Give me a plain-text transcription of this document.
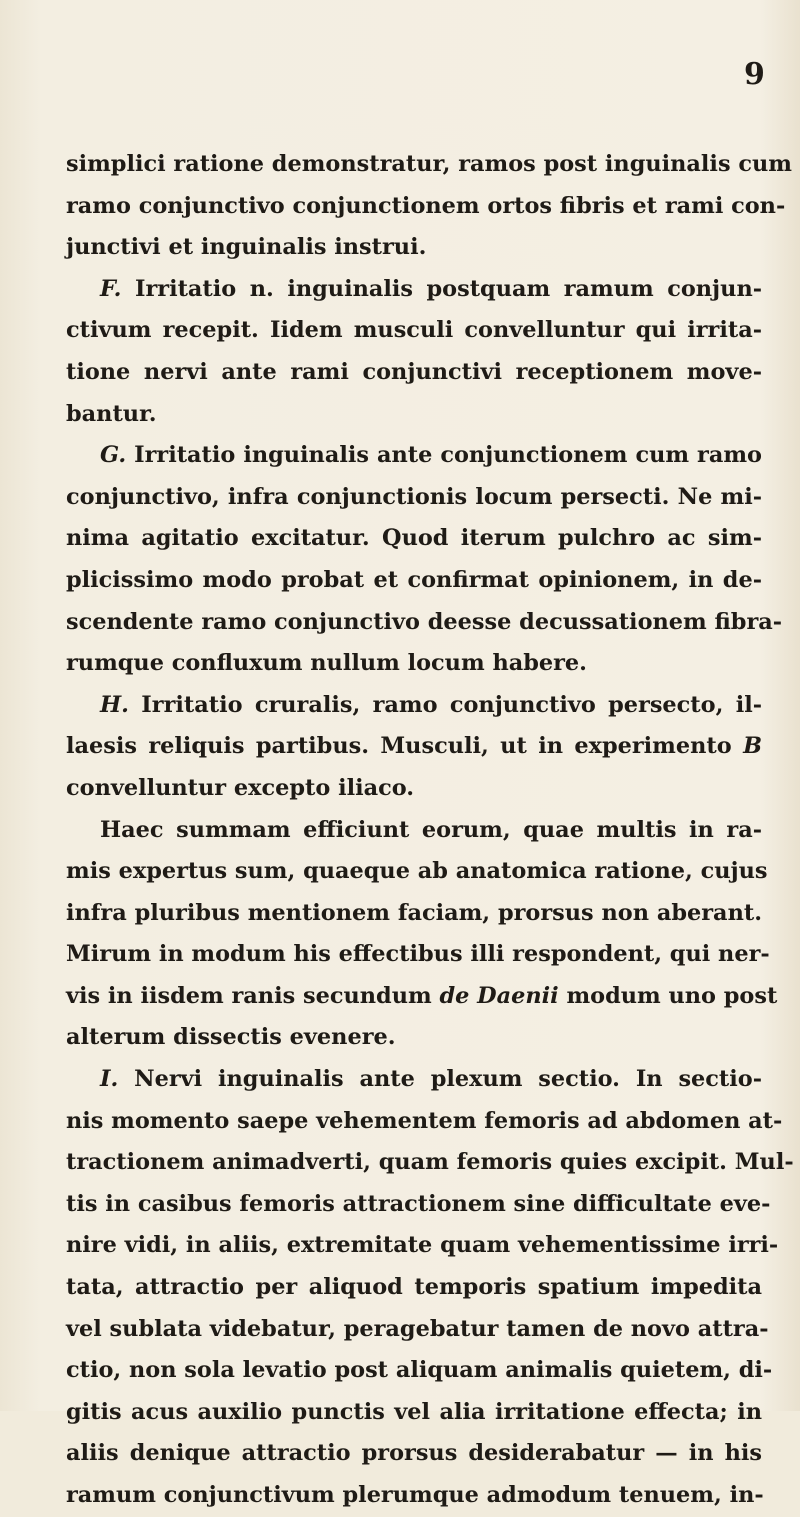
9
simplici ratione demonstratur, ramos post inguinalis cum
ramo conjunctivo conjunctionem ortos fibris et rami con-
junctivi et inguinalis instrui.
F. Irritatio n. inguinalis postquam ramum conjun-
ctivum recepit. Iidem musculi convelluntur qui irrita-
tione nervi ante rami conjunctivi receptionem move-
bantur.
G. Irritatio inguinalis ante conjunctionem cum ramo
conjunctivo, infra conjunctionis locum persecti. Ne mi-
nima agitatio excitatur. Quod iterum pulchro ac sim-
plicissimo modo probat et confirmat opinionem, in de-
scendente ramo conjunctivo deesse decussationem fibra-
rumque confluxum nullum locum habere.
H. Irritatio cruralis, ramo conjunctivo persecto, il-
laesis reliquis partibus. Musculi, ut in experimento B
convelluntur excepto iliaco.
Haec summam efficiunt eorum, quae multis in ra-
mis expertus sum, quaeque ab anatomica ratione, cujus
infra pluribus mentionem faciam, prorsus non aberant.
Mirum in modum his effectibus illi respondent, qui ner-
vis in iisdem ranis secundum de Daenii modum uno post
alterum dissectis evenere.
I. Nervi inguinalis ante plexum sectio. In sectio-
nis momento saepe vehementem femoris ad abdomen at-
tractionem animadverti, quam femoris quies excipit. Mul-
tis in casibus femoris attractionem sine difficultate eve-
nire vidi, in aliis, extremitate quam vehementissime irri-
tata, attractio per aliquod temporis spatium impedita
vel sublata videbatur, peragebatur tamen de novo attra-
ctio, non sola levatio post aliquam animalis quietem, di-
gitis acus auxilio punctis vel alia irritatione effecta; in
aliis denique attractio prorsus desiderabatur — in his
ramum conjunctivum plerumque admodum tenuem, in-
